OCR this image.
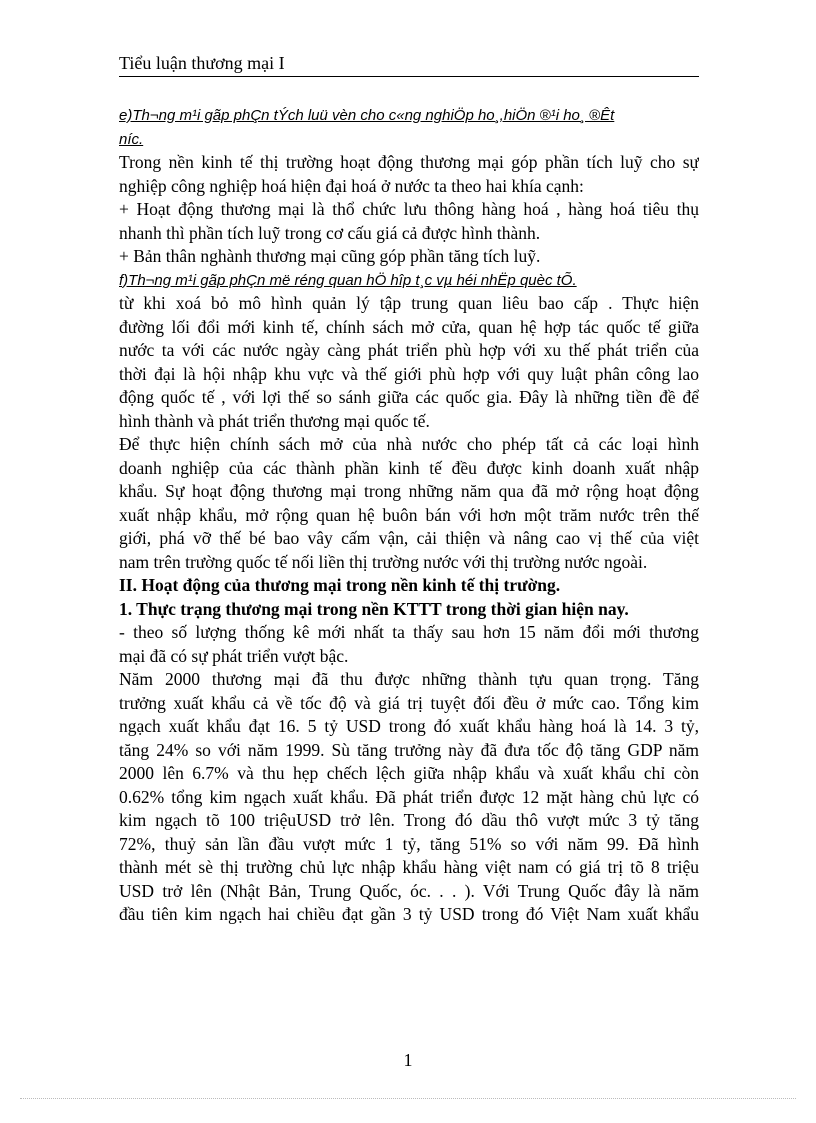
Tiểu luận thương mại I
e)Th¬ng m¹i gãp phÇn tÝch luü vèn cho c«ng nghiÖp ho¸,hiÖn ®¹i ho¸ ®Êt
níc.
Trong nền kinh tế thị trường hoạt động thương mại góp phần tích luỹ cho sự
nghiệp công nghiệp hoá hiện đại hoá ở nước ta theo hai khía cạnh:
+ Hoạt động thương mại là thổ chức lưu thông hàng hoá , hàng hoá tiêu thụ
nhanh thì phần tích luỹ trong cơ cấu giá cả được hình thành.
+ Bản thân nghành thương mại cũng góp phần tăng tích luỹ.
f)Th¬ng m¹i gãp phÇn më réng quan hÖ hîp t¸c vµ héi nhËp quèc tÕ.
từ khi xoá bỏ mô hình quản lý tập trung quan liêu bao cấp . Thực hiện
đường lối đổi mới kinh tế, chính sách mở cửa, quan hệ hợp tác quốc tế giữa
nước ta với các nước ngày càng phát triển phù hợp với xu thế phát triển của
thời đại là hội nhập khu vực và thế giới phù hợp với quy luật phân công lao
động quốc tế , với lợi thế so sánh giữa các quốc gia. Đây là những tiền đề để
hình thành và phát triển thương mại quốc tế.
Để thực hiện chính sách mở của nhà nước cho phép tất cả các loại hình
doanh nghiệp của các thành phần kinh tế đều được kinh doanh xuất nhập
khẩu. Sự hoạt động thương mại trong những năm qua đã mở rộng hoạt động
xuất nhập khẩu, mở rộng quan hệ buôn bán với hơn một trăm nước trên thế
giới, phá vỡ thế bé bao vây cấm vận, cải thiện và nâng cao vị thế của việt
nam trên trường quốc tế nối liền thị trường nước với thị trường nước ngoài.
II. Hoạt động của thương mại trong nền kinh tế thị trường.
1. Thực trạng thương mại trong nền KTTT trong thời gian hiện nay.
- theo số lượng thống kê mới nhất ta thấy sau hơn 15 năm đổi mới thương
mại đã có sự phát triển vượt bậc.
Năm 2000 thương mại đã thu được những thành tựu quan trọng. Tăng
trưởng xuất khẩu cả về tốc độ và giá trị tuyệt đối đều ở mức cao. Tổng kim
ngạch xuất khẩu đạt 16. 5 tỷ USD trong đó xuất khẩu hàng hoá là 14. 3 tỷ,
tăng 24% so với năm 1999. Sù tăng trưởng này đã đưa tốc độ tăng GDP năm
2000 lên 6.7% và thu hẹp chếch lệch giữa nhập khẩu và xuất khẩu chỉ còn
0.62% tổng kim ngạch xuất khẩu. Đã phát triển được 12 mặt hàng chủ lực có
kim ngạch tõ 100 triệuUSD trở lên. Trong đó dầu thô vượt mức 3 tỷ tăng
72%, thuỷ sản lần đầu vượt mức 1 tỷ, tăng 51% so với năm 99. Đã hình
thành mét sè thị trường chủ lực nhập khẩu hàng việt nam có giá trị tõ 8 triệu
USD trở lên (Nhật Bản, Trung Quốc, óc. . . ). Với Trung Quốc đây là năm
đầu tiên kim ngạch hai chiều đạt gần 3 tỷ USD trong đó Việt Nam xuất khẩu
1
